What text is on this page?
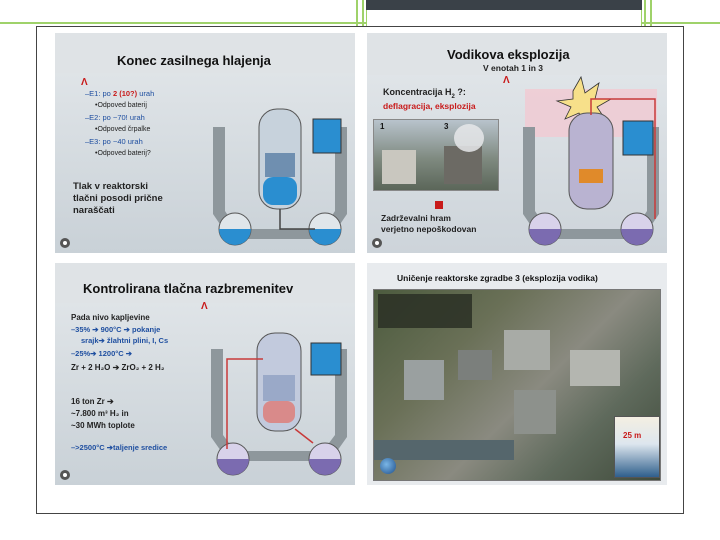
Konec zasilnega hlajenja
Λ
–E1: po 2 (10?) urah
•Odpoved baterij
–E2: po ~70! urah
•Odpoved črpalke
–E3: po ~40 urah
•Odpoved baterij?
Tlak v reaktorski
tlačni posodi prične
naraščati
Vodikova eksplozija
V enotah 1 in 3
Λ
Koncentracija $H_2$ ?:
deflagracija, eksplozija
1	3
Zadrževalni hram
verjetno nepoškodovan
Kontrolirana tlačna razbremenitev
Λ
Pada nivo kapljevine
–35% ➔ 900°C ➔ pokanje
srajk➔ žlahtni plini, I, Cs
–25%➔ 1200°C ➔
Zr + 2 H₂O ➔ ZrO₂ + 2 H₂
16 ton Zr ➔
~7.800 m³ H₂ in
~30 MWh toplote
–>2500°C ➔taljenje sredice
Uničenje reaktorske zgradbe 3 (eksplozija vodika)
25 m
